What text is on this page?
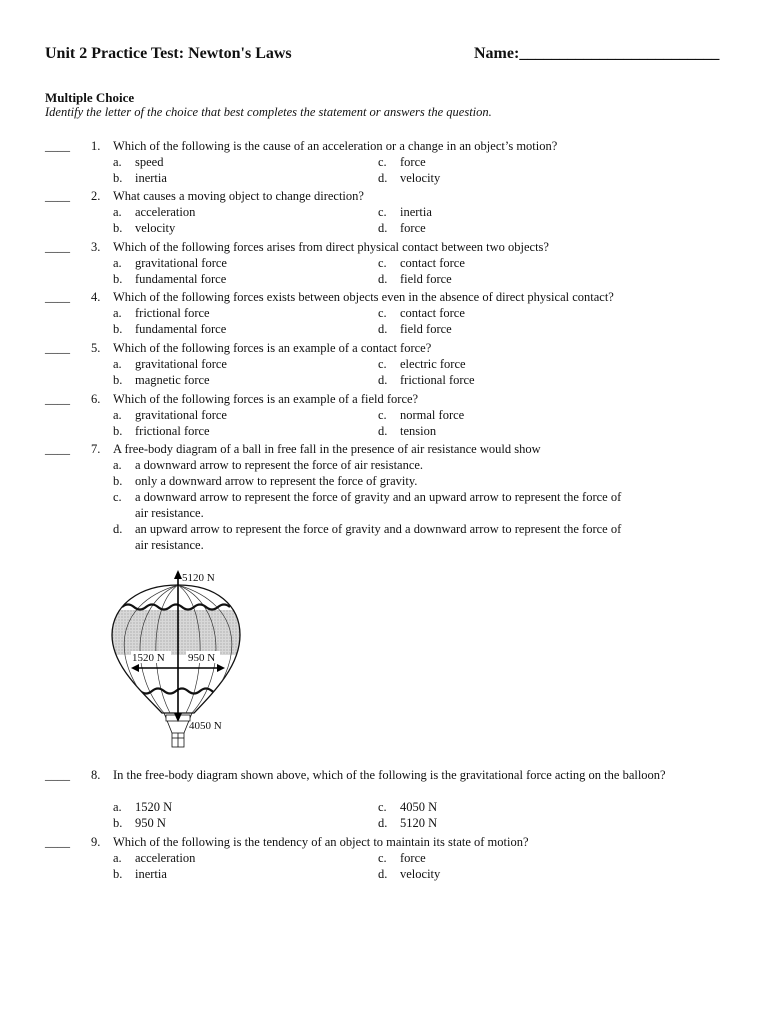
Unit 2 Practice Test: Newton's Laws	Name:_________________________
Multiple Choice
Identify the letter of the choice that best completes the statement or answers the question.
____ 1. Which of the following is the cause of an acceleration or a change in an object’s motion?
a. speed
b. inertia
c. force
d. velocity
____ 2. What causes a moving object to change direction?
a. acceleration
b. velocity
c. inertia
d. force
____ 3. Which of the following forces arises from direct physical contact between two objects?
a. gravitational force
b. fundamental force
c. contact force
d. field force
____ 4. Which of the following forces exists between objects even in the absence of direct physical contact?
a. frictional force
b. fundamental force
c. contact force
d. field force
____ 5. Which of the following forces is an example of a contact force?
a. gravitational force
b. magnetic force
c. electric force
d. frictional force
____ 6. Which of the following forces is an example of a field force?
a. gravitational force
b. frictional force
c. normal force
d. tension
____ 7. A free-body diagram of a ball in free fall in the presence of air resistance would show
a.	a downward arrow to represent the force of air resistance.
b.	only a downward arrow to represent the force of gravity.
c.	a downward arrow to represent the force of gravity and an upward arrow to represent the force of air resistance.
d.	an upward arrow to represent the force of gravity and a downward arrow to represent the force of air resistance.
5120 N
1520 N 950 N
4050 N
____ 8. In the free-body diagram shown above, which of the following is the gravitational force acting on the balloon?
a. 1520 N
b. 950 N
c. 4050 N
d. 5120 N
____ 9. Which of the following is the tendency of an object to maintain its state of motion?
a. acceleration
b. inertia
c. force
d. velocity
